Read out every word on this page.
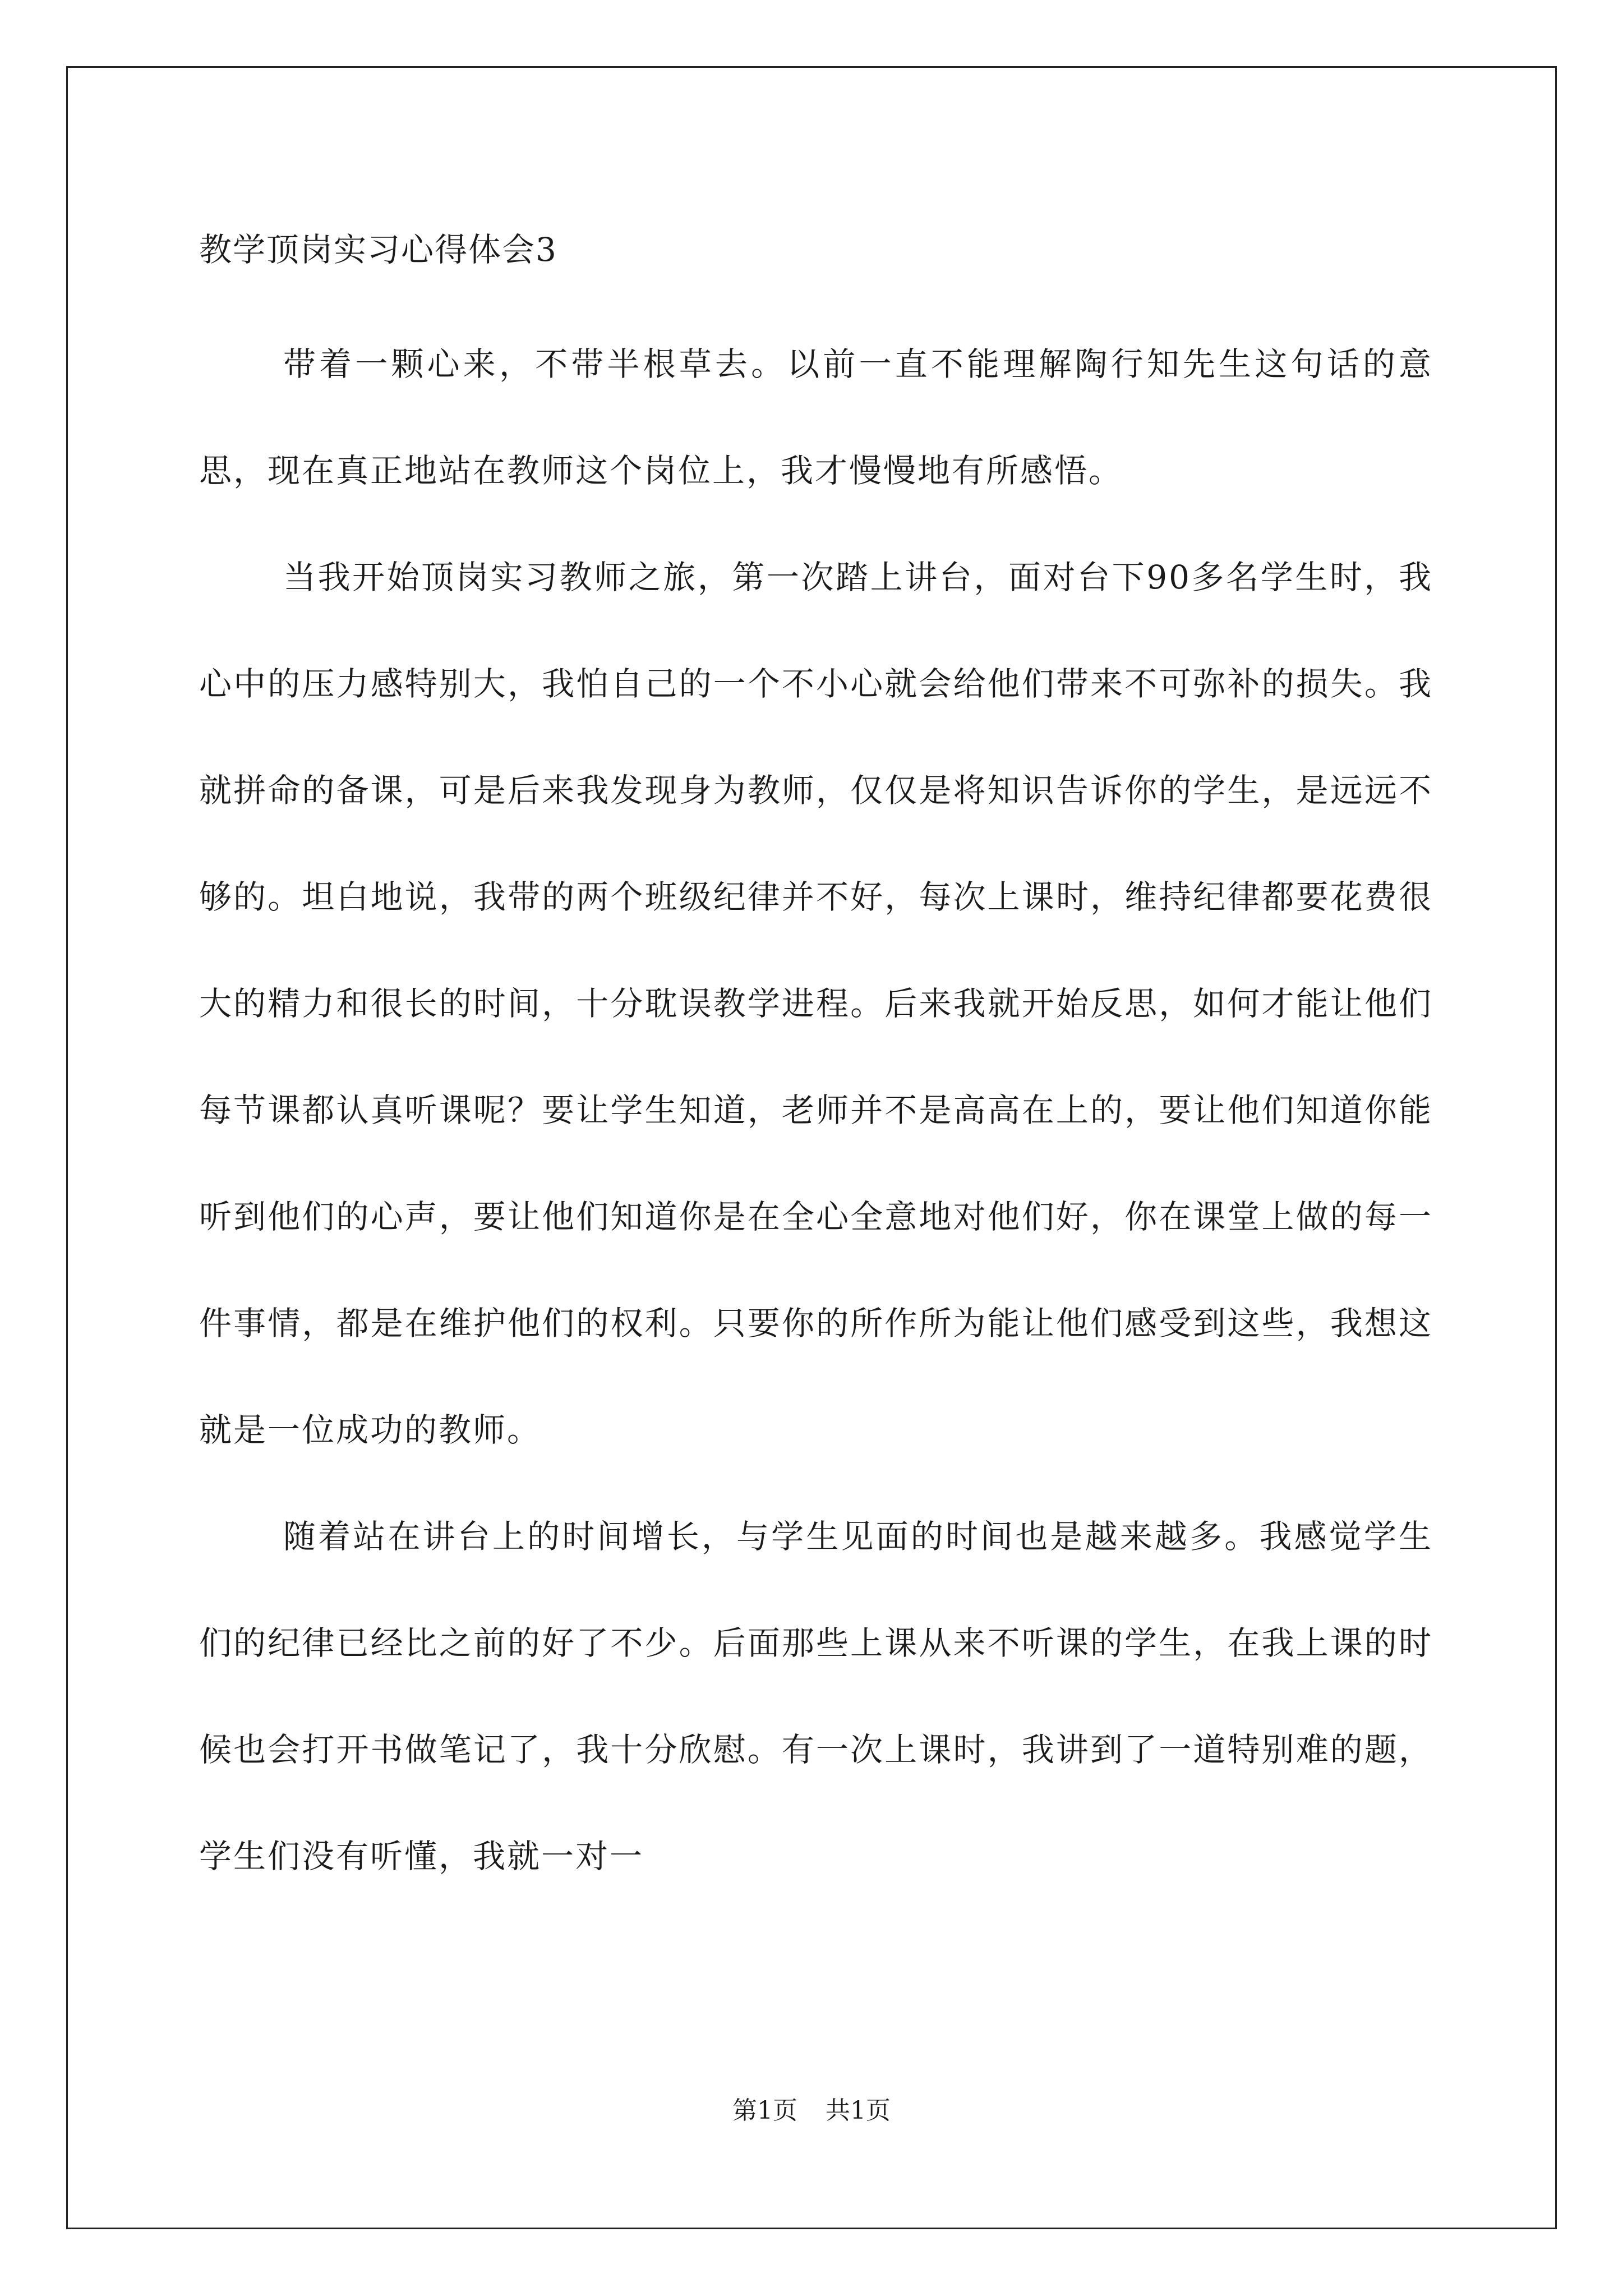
教学顶岗实习心得体会3

带着一颗心来，不带半根草去。以前一直不能理解陶行知先生这句话的意思，现在真正地站在教师这个岗位上，我才慢慢地有所感悟。

当我开始顶岗实习教师之旅，第一次踏上讲台，面对台下90多名学生时，我心中的压力感特别大，我怕自己的一个不小心就会给他们带来不可弥补的损失。我就拼命的备课，可是后来我发现身为教师，仅仅是将知识告诉你的学生，是远远不够的。坦白地说，我带的两个班级纪律并不好，每次上课时，维持纪律都要花费很大的精力和很长的时间，十分耽误教学进程。后来我就开始反思，如何才能让他们每节课都认真听课呢？要让学生知道，老师并不是高高在上的，要让他们知道你能听到他们的心声，要让他们知道你是在全心全意地对他们好，你在课堂上做的每一件事情，都是在维护他们的权利。只要你的所作所为能让他们感受到这些，我想这就是一位成功的教师。

随着站在讲台上的时间增长，与学生见面的时间也是越来越多。我感觉学生们的纪律已经比之前的好了不少。后面那些上课从来不听课的学生，在我上课的时候也会打开书做笔记了，我十分欣慰。有一次上课时，我讲到了一道特别难的题，学生们没有听懂，我就一对一

第1页 共1页
